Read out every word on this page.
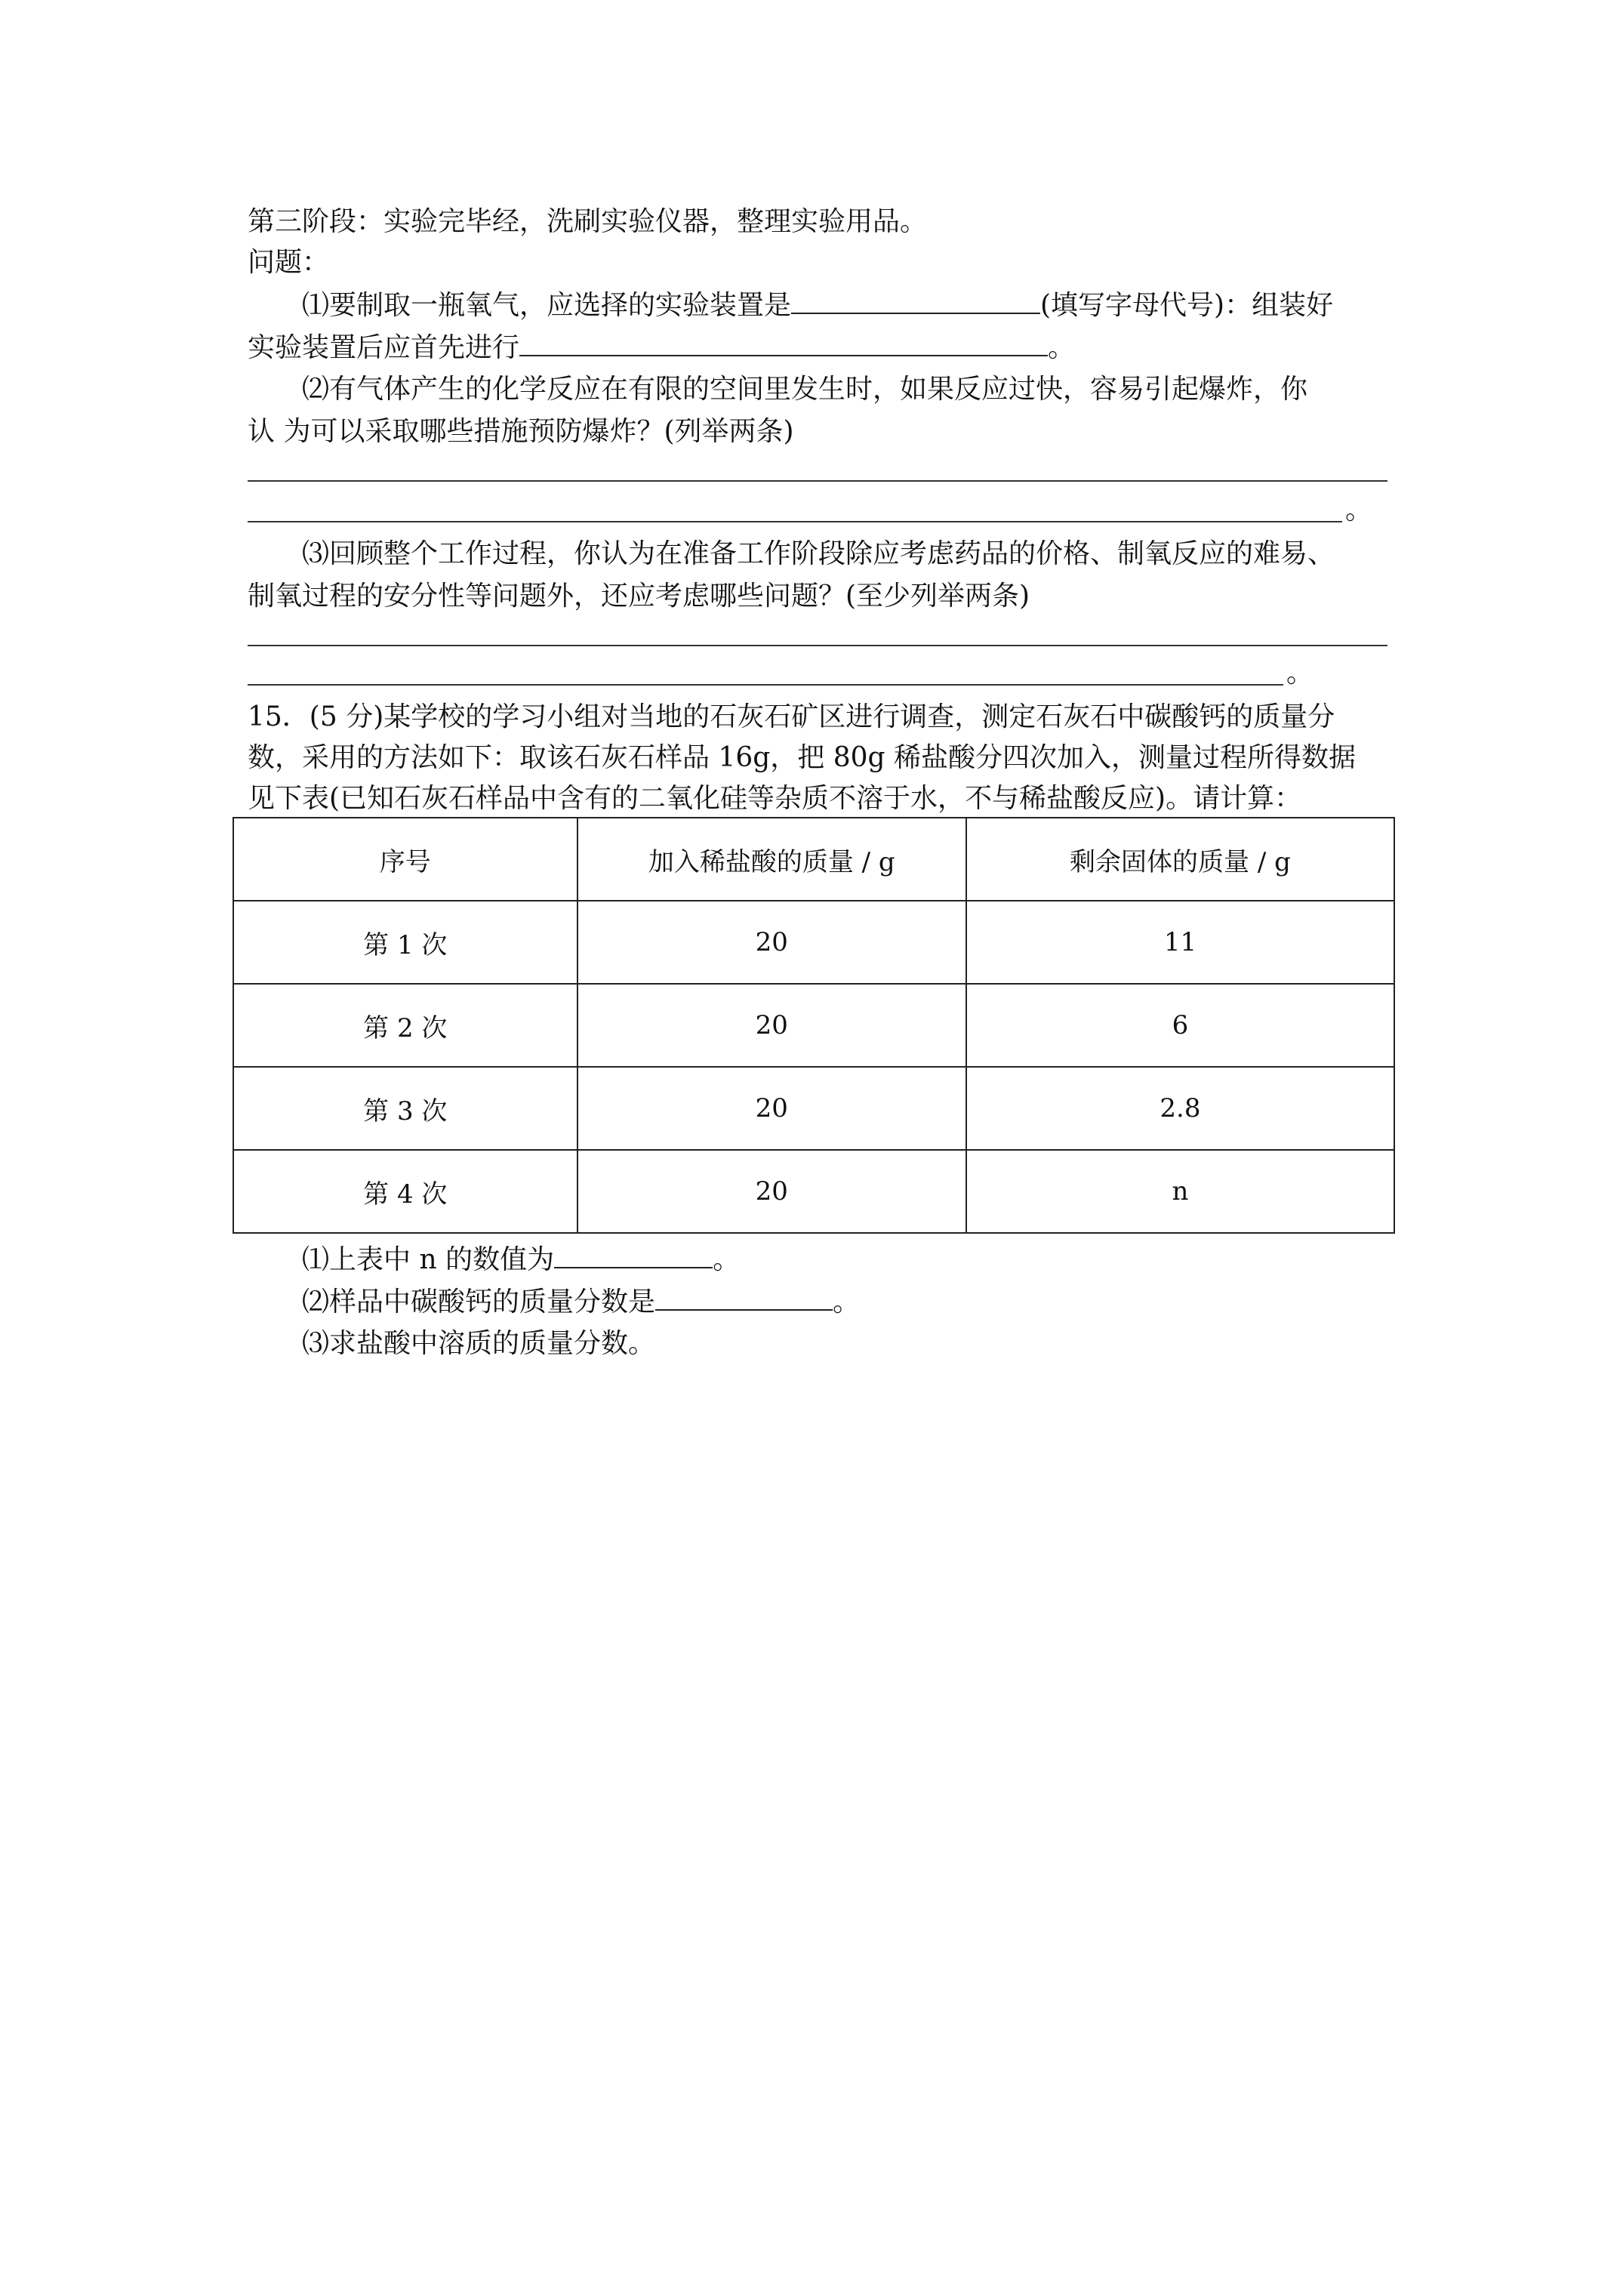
第三阶段：实验完毕经，洗刷实验仪器，整理实验用品。
问题：
⑴要制取一瓶氧气，应选择的实验装置是	(填写字母代号)：组装好
实验装置后应首先进行	。
⑵有气体产生的化学反应在有限的空间里发生时，如果反应过快，容易引起爆炸，你
认 为可以采取哪些措施预防爆炸？(列举两条)
。
⑶回顾整个工作过程，你认为在准备工作阶段除应考虑药品的价格、制氧反应的难易、
制氧过程的安分性等问题外，还应考虑哪些问题？(至少列举两条)
。
15．(5 分)某学校的学习小组对当地的石灰石矿区进行调查，测定石灰石中碳酸钙的质量分
数，采用的方法如下：取该石灰石样品 16g，把 80g 稀盐酸分四次加入，测量过程所得数据
见下表(已知石灰石样品中含有的二氧化硅等杂质不溶于水，不与稀盐酸反应)。请计算：
序号	加入稀盐酸的质量 / g	剩余固体的质量 / g
第 1 次	20	11
第 2 次	20	6
第 3 次	20	2.8
第 4 次	20	n
⑴上表中 n 的数值为	。
⑵样品中碳酸钙的质量分数是	。
⑶求盐酸中溶质的质量分数。
